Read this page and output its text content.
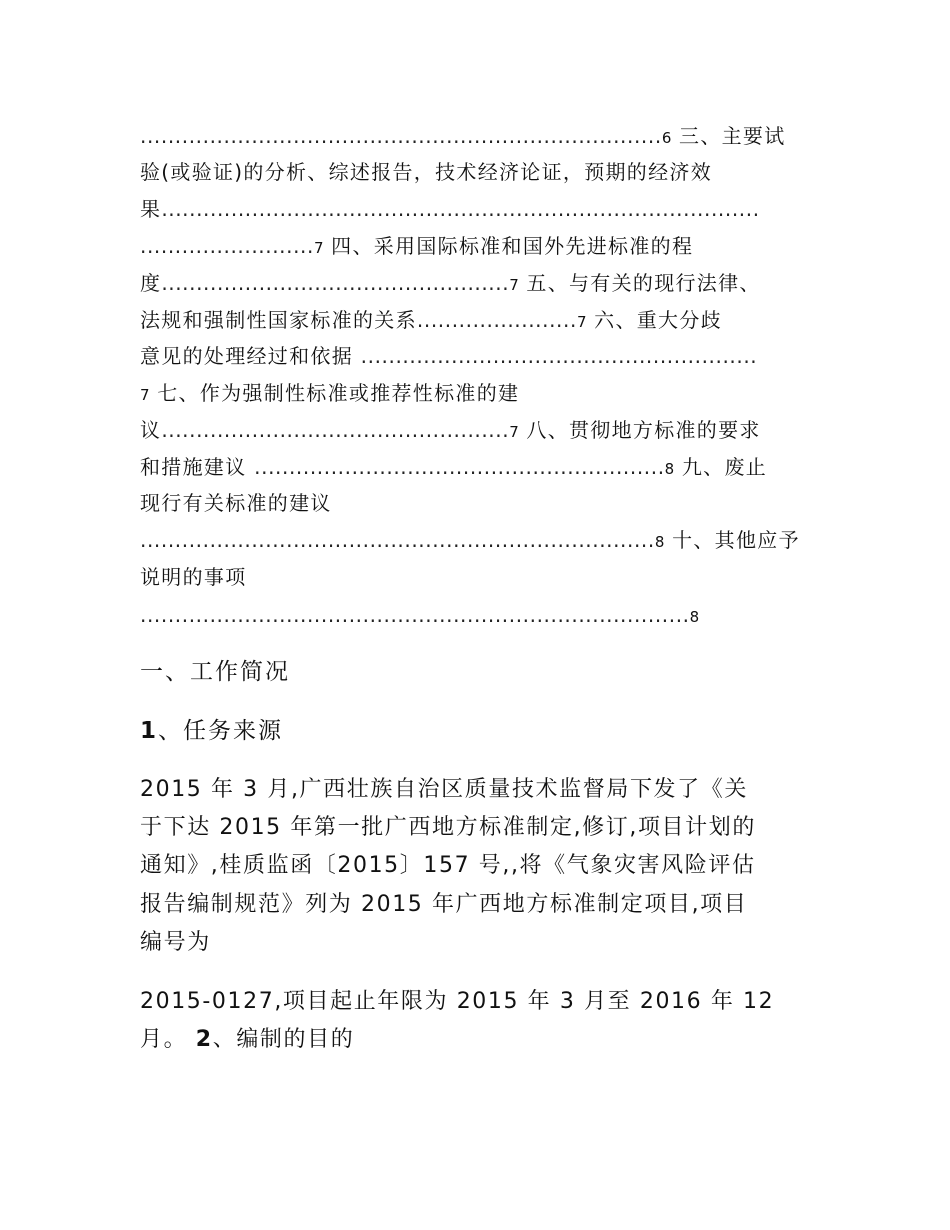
...........................................................................6 三、主要试
验(或验证)的分析、综述报告，技术经济论证，预期的经济效
果......................................................................................
.........................7 四、采用国际标准和国外先进标准的程
度..................................................7 五、与有关的现行法律、
法规和强制性国家标准的关系.......................7 六、重大分歧
意见的处理经过和依据 .........................................................
7 七、作为强制性标准或推荐性标准的建
议..................................................7 八、贯彻地方标准的要求
和措施建议 ...........................................................8 九、废止
现行有关标准的建议
..........................................................................8 十、其他应予
说明的事项
...............................................................................8
一、工作简况
1、任务来源
2015 年 3 月,广西壮族自治区质量技术监督局下发了《关
于下达 2015 年第一批广西地方标准制定,修订,项目计划的
通知》,桂质监函〔2015〕157 号,,将《气象灾害风险评估
报告编制规范》列为 2015 年广西地方标准制定项目,项目
编号为
2015-0127,项目起止年限为 2015 年 3 月至 2016 年 12
月。 2、编制的目的
